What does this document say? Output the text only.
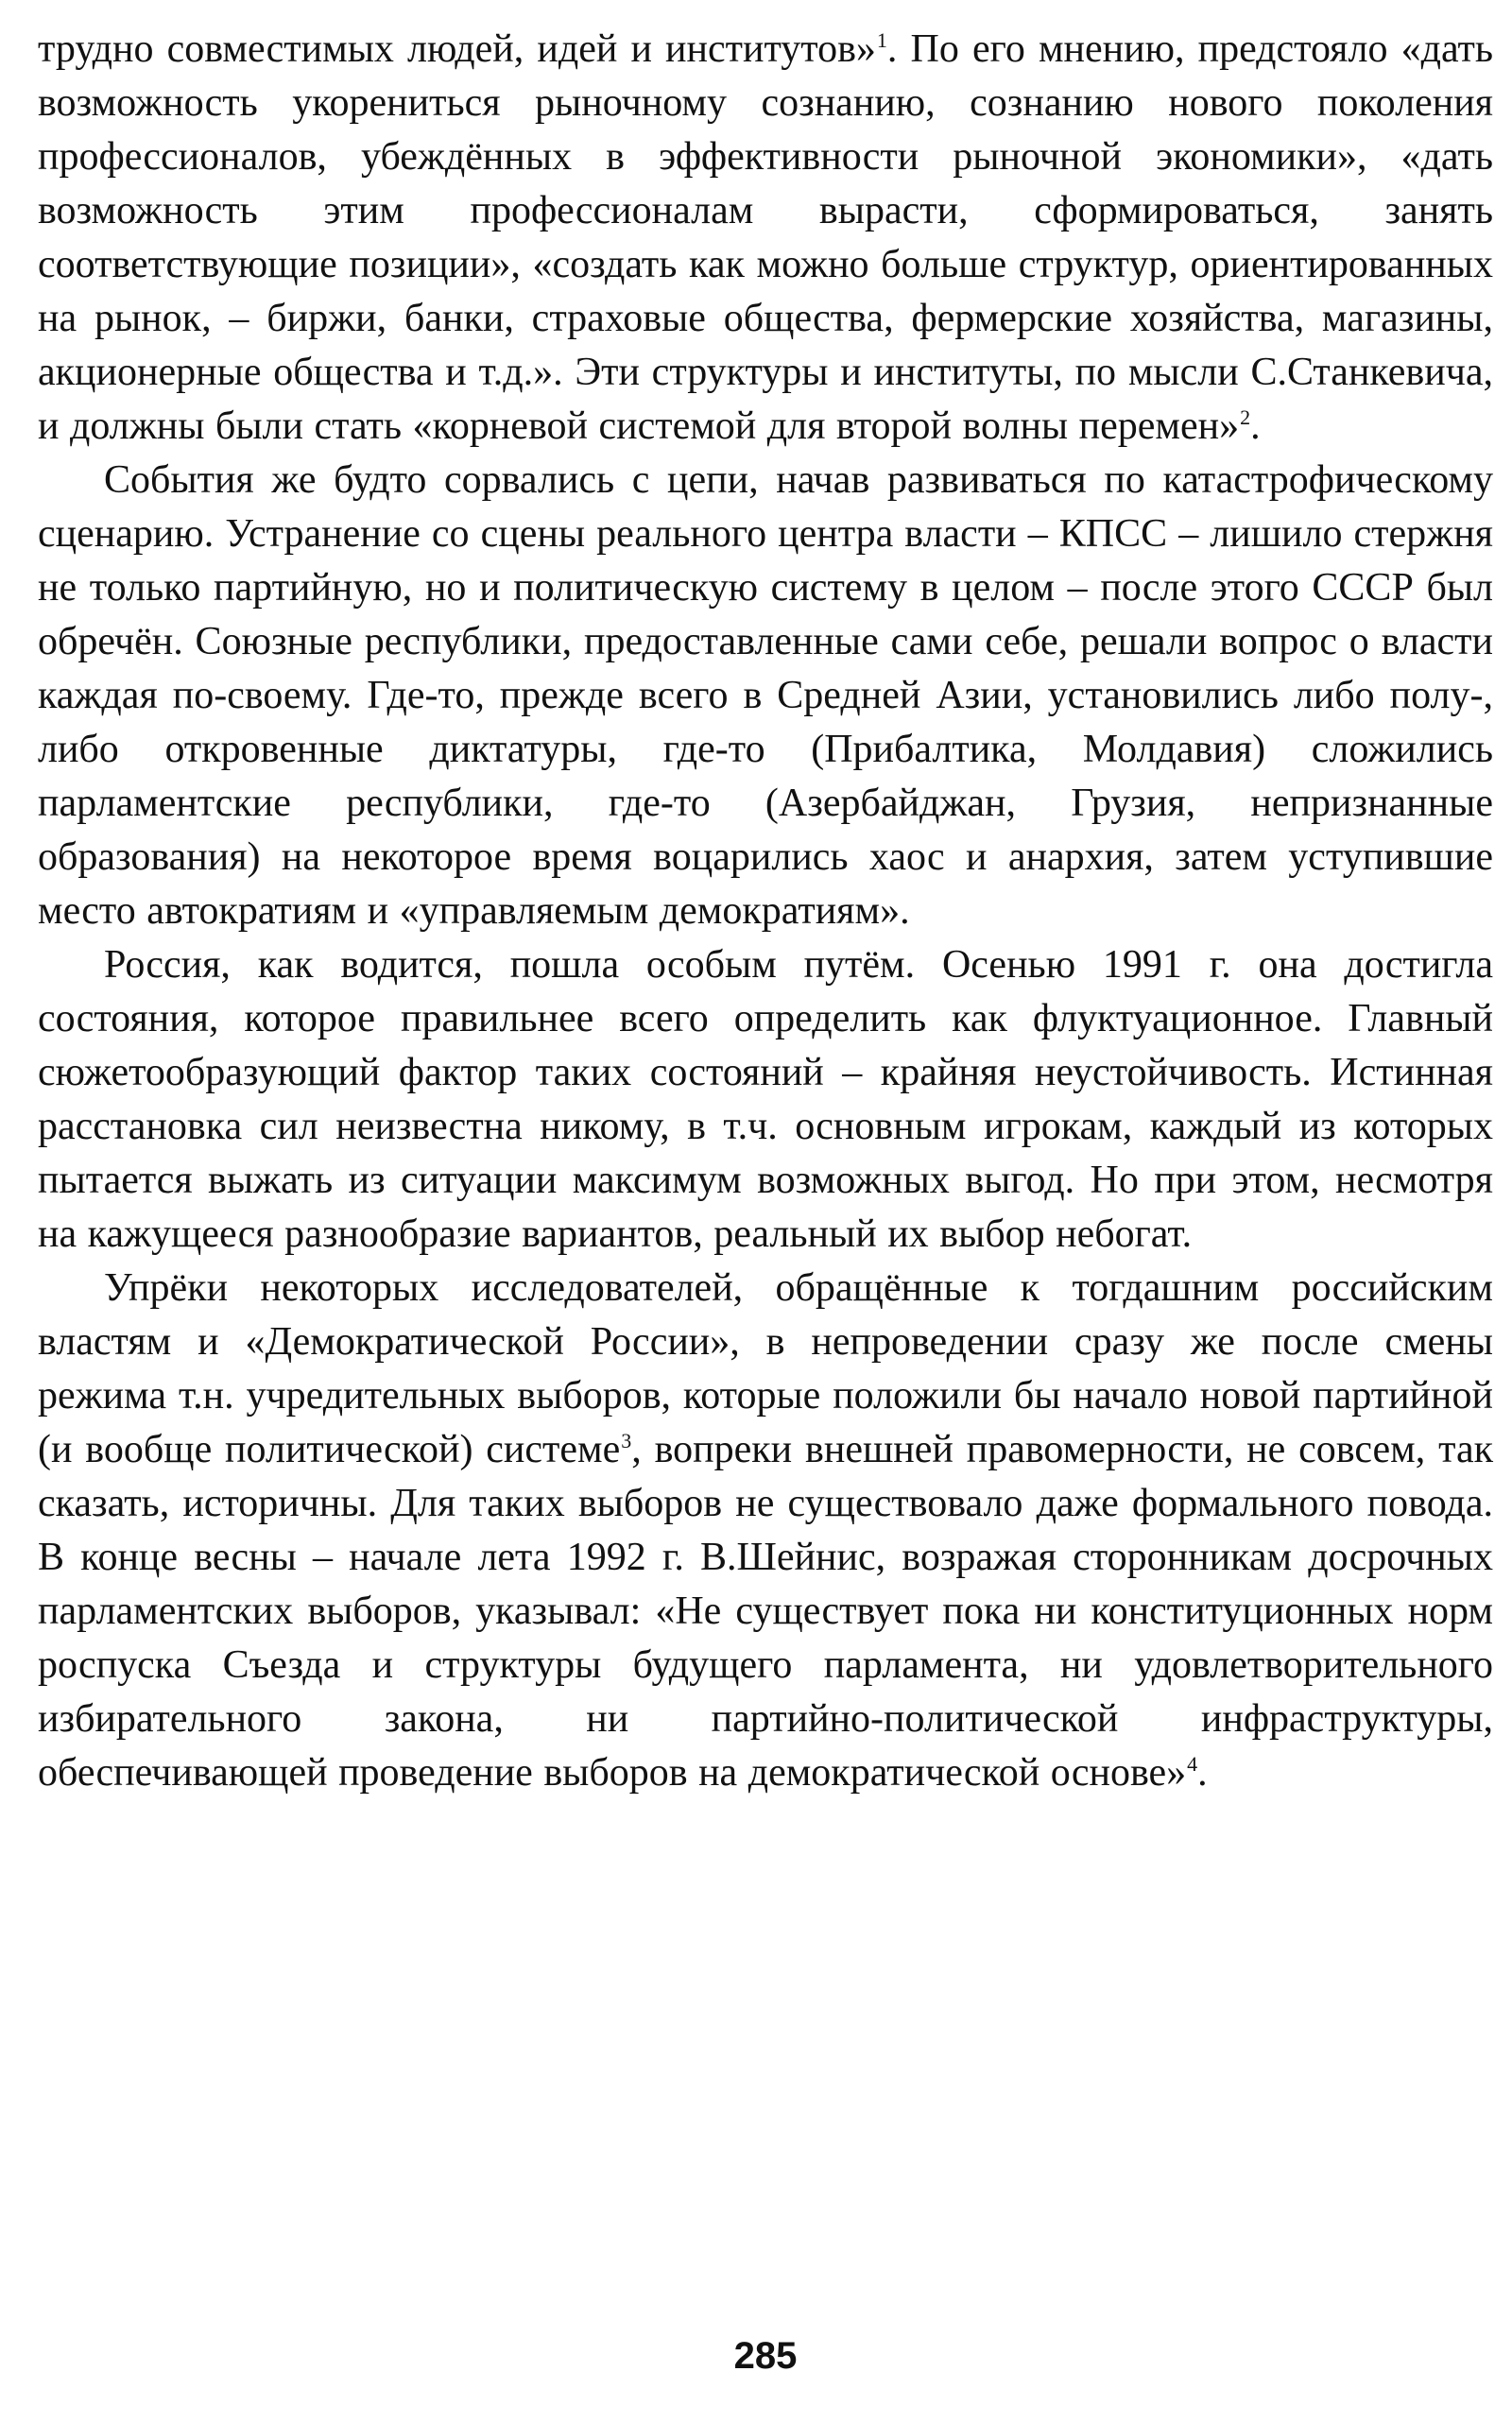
трудно совместимых людей, идей и институтов»$^1$. По его мнению, предстояло «дать возможность укорениться рыночному сознанию, сознанию нового поколения профессионалов, убеждённых в эффективности рыночной экономики», «дать возможность этим профессионалам вырасти, сформироваться, занять соответствующие позиции», «создать как можно больше структур, ориентированных на рынок, – биржи, банки, страховые общества, фермерские хозяйства, магазины, акционерные общества и т.д.». Эти структуры и институты, по мысли С.Станкевича, и должны были стать «корневой системой для второй волны перемен»$^2$.

События же будто сорвались с цепи, начав развиваться по катастрофическому сценарию. Устранение со сцены реального центра власти – КПСС – лишило стержня не только партийную, но и политическую систему в целом – после этого СССР был обречён. Союзные республики, предоставленные сами себе, решали вопрос о власти каждая по-своему. Где-то, прежде всего в Средней Азии, установились либо полу-, либо откровенные диктатуры, где-то (Прибалтика, Молдавия) сложились парламентские республики, где-то (Азербайджан, Грузия, непризнанные образования) на некоторое время воцарились хаос и анархия, затем уступившие место автократиям и «управляемым демократиям».

Россия, как водится, пошла особым путём. Осенью 1991 г. она достигла состояния, которое правильнее всего определить как флуктуационное. Главный сюжетообразующий фактор таких состояний – крайняя неустойчивость. Истинная расстановка сил неизвестна никому, в т.ч. основным игрокам, каждый из которых пытается выжать из ситуации максимум возможных выгод. Но при этом, несмотря на кажущееся разнообразие вариантов, реальный их выбор небогат.

Упрёки некоторых исследователей, обращённые к тогдашним российским властям и «Демократической России», в непроведении сразу же после смены режима т.н. учредительных выборов, которые положили бы начало новой партийной (и вообще политической) системе$^3$, вопреки внешней правомерности, не совсем, так сказать, историчны. Для таких выборов не существовало даже формального повода. В конце весны – начале лета 1992 г. В.Шейнис, возражая сторонникам досрочных парламентских выборов, указывал: «Не существует пока ни конституционных норм роспуска Съезда и структуры будущего парламента, ни удовлетворительного избирательного закона, ни партийно-политической инфраструктуры, обеспечивающей проведение выборов на демократической основе»$^4$.

285
